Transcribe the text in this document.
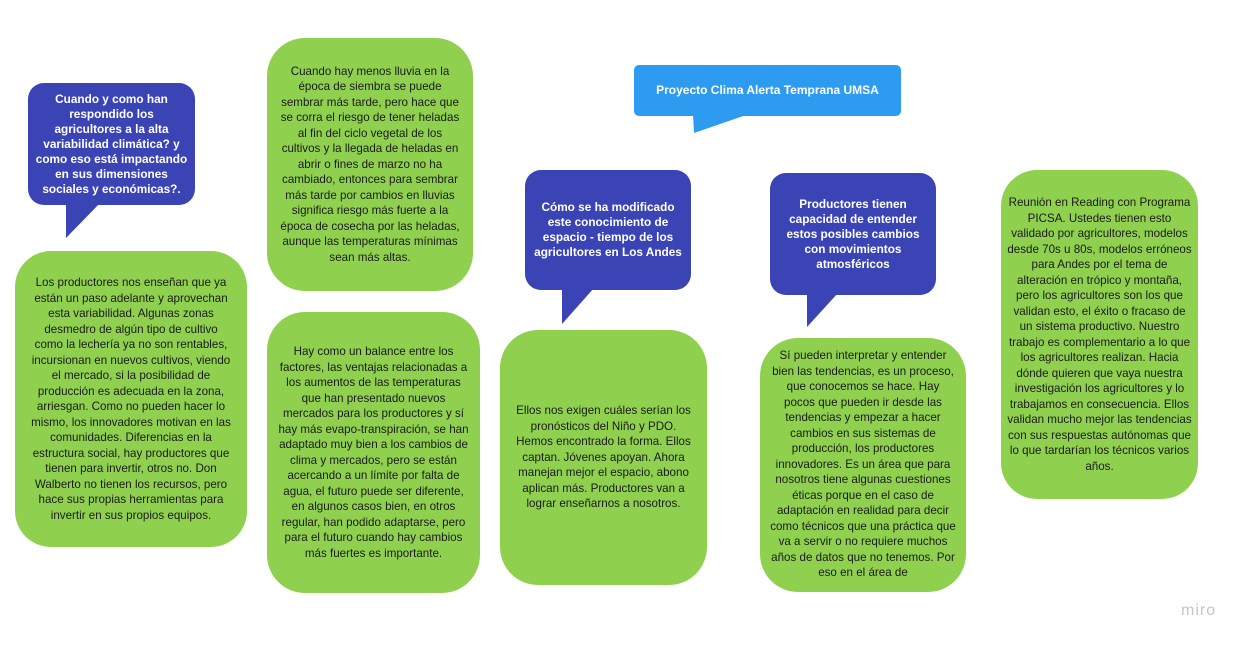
Cuando y como han respondido los agricultores a la alta variabilidad climática? y como eso está impactando en sus dimensiones sociales y económicas?.
Los productores nos enseñan que ya están un paso adelante y aprovechan esta variabilidad. Algunas zonas desmedro de algún tipo de cultivo como la lechería ya no son rentables, incursionan en nuevos cultivos, viendo el mercado, si la posibilidad de producción es adecuada en la zona, arriesgan. Como no pueden hacer lo mismo, los innovadores motivan en las comunidades. Diferencias en la estructura social, hay productores que tienen para invertir, otros no. Don Walberto no tienen los recursos, pero hace sus propias herramientas para invertir en sus propios equipos.
Cuando hay menos lluvia en la época de siembra se puede sembrar más tarde, pero hace que se corra el riesgo de tener heladas al fin del ciclo vegetal de los cultivos y la llegada de heladas en abrir o fines de marzo no ha cambiado, entonces para sembrar más tarde por cambios en lluvias significa riesgo más fuerte a la época de cosecha por las heladas, aunque las temperaturas mínimas sean más altas.
Hay como un balance entre los factores, las ventajas relacionadas a los aumentos de las temperaturas que han presentado nuevos mercados para los productores y sí hay más evapo-transpiración, se han adaptado muy bien a los cambios de clima y mercados, pero se están acercando a un límite por falta de agua, el futuro puede ser diferente, en algunos casos bien, en otros regular, han podido adaptarse, pero para el futuro cuando hay cambios más fuertes es importante.
Proyecto Clima Alerta Temprana UMSA
Cómo se ha modificado este conocimiento de espacio - tiempo de los agricultores en Los Andes
Ellos nos exigen cuáles serían los pronósticos del Niño y PDO. Hemos encontrado la forma. Ellos captan. Jóvenes apoyan. Ahora manejan mejor el espacio, abono aplican más. Productores van a lograr enseñarnos a nosotros.
Productores tienen capacidad de entender estos posibles cambios con movimientos atmosféricos
Sí pueden interpretar y entender bien las tendencias, es un proceso, que conocemos se hace. Hay pocos que pueden ir desde las tendencias y empezar a hacer cambios en sus sistemas de producción, los productores innovadores. Es un área que para nosotros tiene algunas cuestiones éticas porque en el caso de adaptación en realidad para decir como técnicos que una práctica que va a servir o no requiere muchos años de datos que no tenemos. Por eso en el área de
Reunión en Reading con Programa PICSA. Ustedes tienen esto validado por agricultores, modelos desde 70s u 80s, modelos erróneos para Andes por el tema de alteración en trópico y montaña, pero los agricultores son los que validan esto, el éxito o fracaso de un sistema productivo. Nuestro trabajo es complementario a lo que los agricultores realizan. Hacia dónde quieren que vaya nuestra investigación los agricultores y lo trabajamos en consecuencia. Ellos validan mucho mejor las tendencias con sus respuestas autónomas que lo que tardarían los técnicos varios años.
miro
